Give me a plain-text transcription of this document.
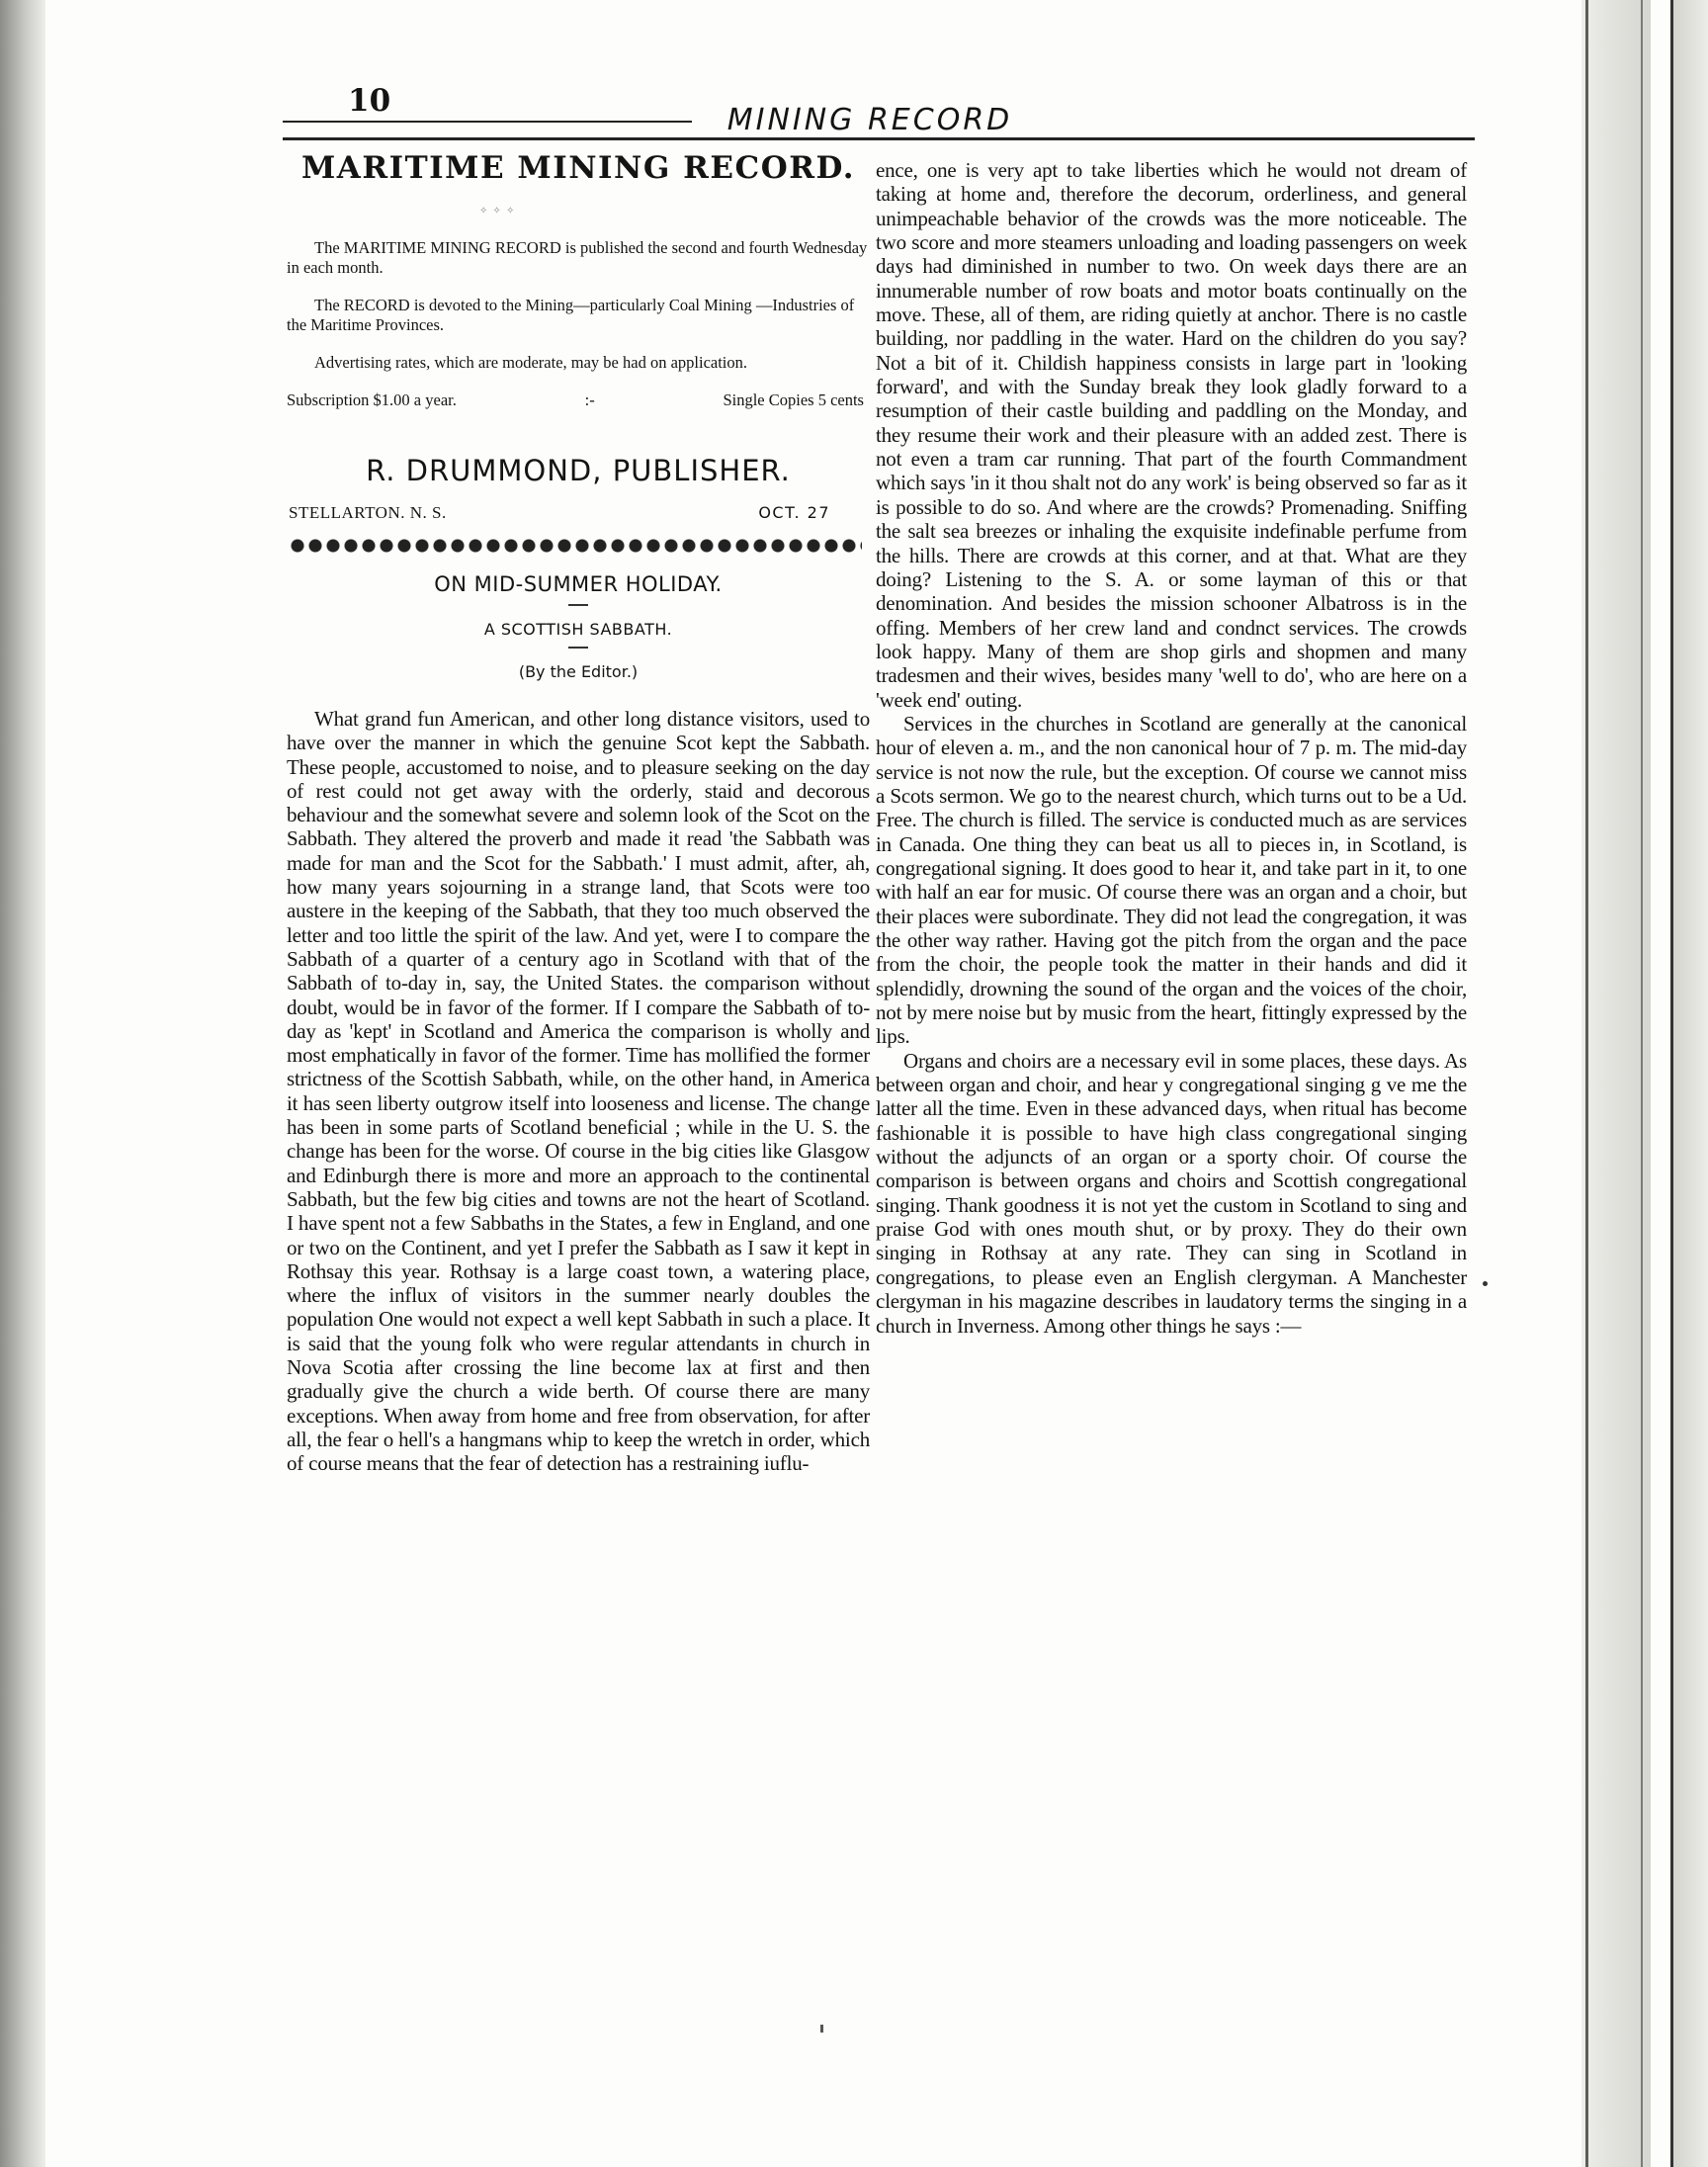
10
MINING RECORD
MARITIME MINING RECORD.
✧ ✧ ✧

The MARITIME MINING RECORD is published the second and fourth Wednesday in each month.

The RECORD is devoted to the Mining—particularly Coal Mining —Industries of the Maritime Provinces.

Advertising rates, which are moderate, may be had on application.

Subscription $1.00 a year.	:-	Single Copies 5 cents
R. DRUMMOND, PUBLISHER.
STELLARTON. N. S.	OCT. 27
ON MID-SUMMER HOLIDAY.
A SCOTTISH SABBATH.
(By the Editor.)

What grand fun American, and other long distance visitors, used to have over the manner in which the genuine Scot kept the Sabbath. These people, accustomed to noise, and to pleasure seeking on the day of rest could not get away with the orderly, staid and decorous behaviour and the somewhat severe and solemn look of the Scot on the Sabbath. They altered the proverb and made it read 'the Sabbath was made for man and the Scot for the Sabbath.' I must admit, after, ah, how many years sojourning in a strange land, that Scots were too austere in the keeping of the Sabbath, that they too much observed the letter and too little the spirit of the law. And yet, were I to compare the Sabbath of a quarter of a century ago in Scotland with that of the Sabbath of to-day in, say, the United States. the comparison without doubt, would be in favor of the former. If I compare the Sabbath of to-day as 'kept' in Scotland and America the comparison is wholly and most emphatically in favor of the former. Time has mollified the former strictness of the Scottish Sabbath, while, on the other hand, in America it has seen liberty outgrow itself into looseness and license. The change has been in some parts of Scotland beneficial ; while in the U. S. the change has been for the worse. Of course in the big cities like Glasgow and Edinburgh there is more and more an approach to the continental Sabbath, but the few big cities and towns are not the heart of Scotland. I have spent not a few Sabbaths in the States, a few in England, and one or two on the Continent, and yet I prefer the Sabbath as I saw it kept in Rothsay this year. Rothsay is a large coast town, a watering place, where the influx of visitors in the summer nearly doubles the population One would not expect a well kept Sabbath in such a place. It is said that the young folk who were regular attendants in church in Nova Scotia after crossing the line become lax at first and then gradually give the church a wide berth. Of course there are many exceptions. When away from home and free from observation, for after all, the fear o hell's a hangmans whip to keep the wretch in order, which of course means that the fear of detection has a restraining iuflu-

ence, one is very apt to take liberties which he would not dream of taking at home and, therefore the decorum, orderliness, and general unimpeachable behavior of the crowds was the more noticeable. The two score and more steamers unloading and loading passengers on week days had diminished in number to two. On week days there are an innumerable number of row boats and motor boats continually on the move. These, all of them, are riding quietly at anchor. There is no castle building, nor paddling in the water. Hard on the children do you say? Not a bit of it. Childish happiness consists in large part in 'looking forward', and with the Sunday break they look gladly forward to a resumption of their castle building and paddling on the Monday, and they resume their work and their pleasure with an added zest. There is not even a tram car running. That part of the fourth Commandment which says 'in it thou shalt not do any work' is being observed so far as it is possible to do so. And where are the crowds? Promenading. Sniffing the salt sea breezes or inhaling the exquisite indefinable perfume from the hills. There are crowds at this corner, and at that. What are they doing? Listening to the S. A. or some layman of this or that denomination. And besides the mission schooner Albatross is in the offing. Members of her crew land and condnct services. The crowds look happy. Many of them are shop girls and shopmen and many tradesmen and their wives, besides many 'well to do', who are here on a 'week end' outing.

Services in the churches in Scotland are generally at the canonical hour of eleven a. m., and the non canonical hour of 7 p. m. The mid-day service is not now the rule, but the exception. Of course we cannot miss a Scots sermon. We go to the nearest church, which turns out to be a Ud. Free. The church is filled. The service is conducted much as are services in Canada. One thing they can beat us all to pieces in, in Scotland, is congregational signing. It does good to hear it, and take part in it, to one with half an ear for music. Of course there was an organ and a choir, but their places were subordinate. They did not lead the congregation, it was the other way rather. Having got the pitch from the organ and the pace from the choir, the people took the matter in their hands and did it splendidly, drowning the sound of the organ and the voices of the choir, not by mere noise but by music from the heart, fittingly expressed by the lips.

Organs and choirs are a necessary evil in some places, these days. As between organ and choir, and hear y congregational singing g ve me the latter all the time. Even in these advanced days, when ritual has become fashionable it is possible to have high class congregational singing without the adjuncts of an organ or a sporty choir. Of course the comparison is between organs and choirs and Scottish congregational singing. Thank goodness it is not yet the custom in Scotland to sing and praise God with ones mouth shut, or by proxy. They do their own singing in Rothsay at any rate. They can sing in Scotland in congregations, to please even an English clergyman. A Manchester clergyman in his magazine describes in laudatory terms the singing in a church in Inverness. Among other things he says :—
